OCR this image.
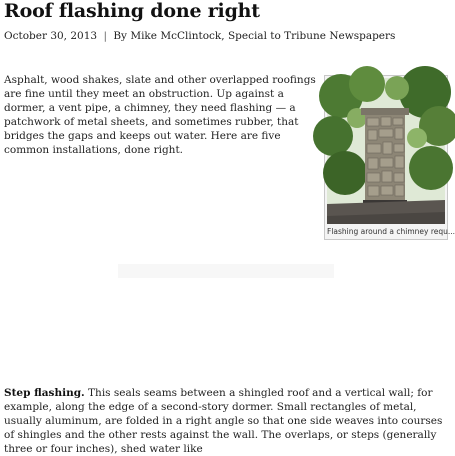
Roof flashing done right
October 30, 2013 | By Mike McClintock, Special to Tribune Newspapers

Asphalt, wood shakes, slate and other overlapped roofings are fine until they meet an obstruction. Up against a dormer, a vent pipe, a chimney, they need flashing — a patchwork of metal sheets, and sometimes rubber, that bridges the gaps and keeps out water. Here are five common installations, done right.

Flashing around a chimney requ...

Step flashing. This seals seams between a shingled roof and a vertical wall; for example, along the edge of a second-story dormer. Small rectangles of metal, usually aluminum, are folded in a right angle so that one side weaves into courses of shingles and the other rests against the wall. The overlaps, or steps (generally three or four inches), shed water like
